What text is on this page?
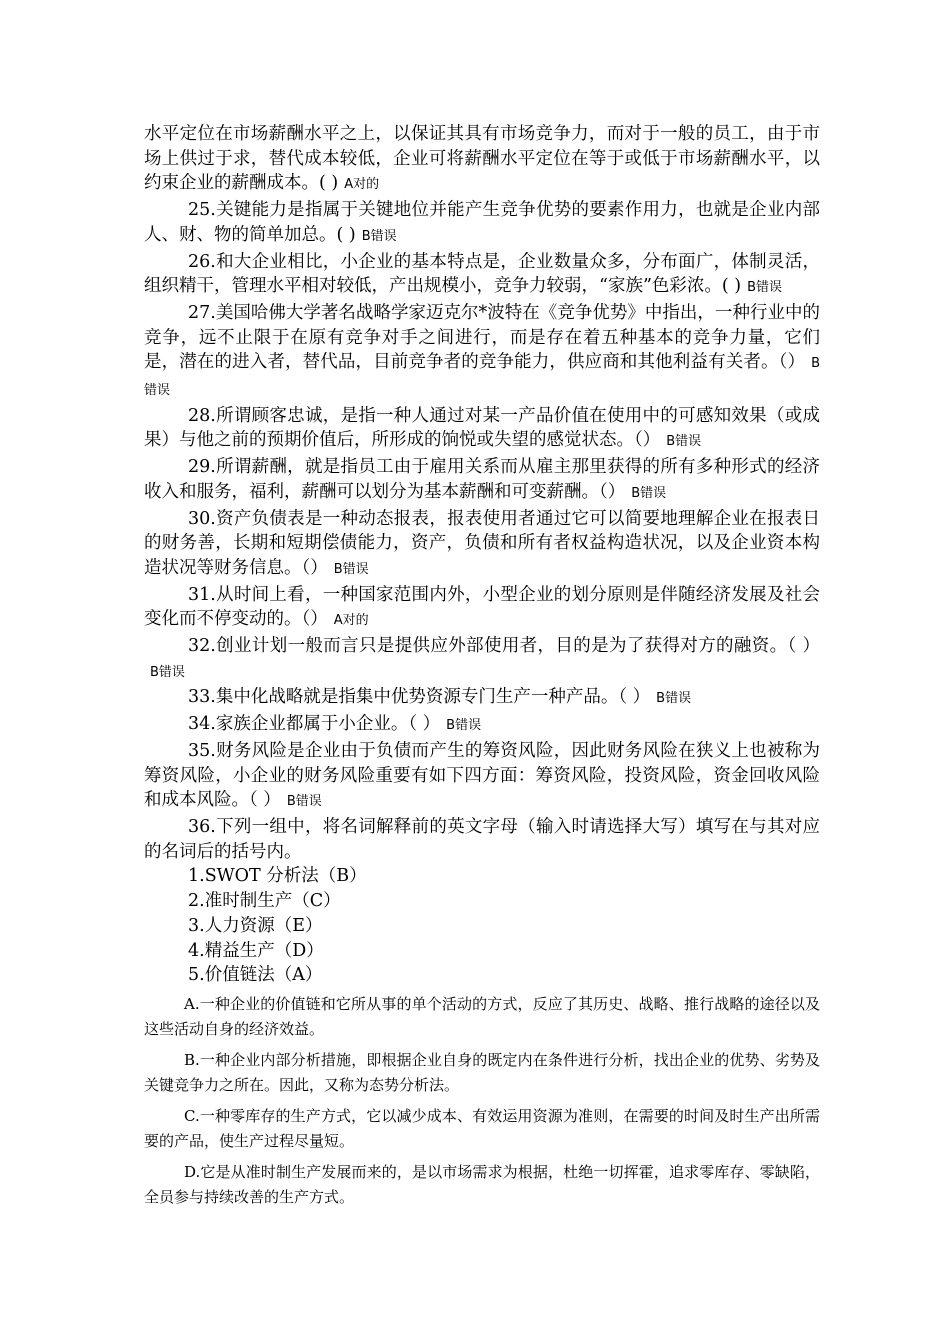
水平定位在市场薪酬水平之上，以保证其具有市场竞争力，而对于一般的员工，由于市场上供过于求，替代成本较低，企业可将薪酬水平定位在等于或低于市场薪酬水平，以约束企业的薪酬成本。( ) A对的

25.关键能力是指属于关键地位并能产生竞争优势的要素作用力，也就是企业内部人、财、物的简单加总。( ) B错误

26.和大企业相比，小企业的基本特点是，企业数量众多，分布面广，体制灵活，组织精干，管理水平相对较低，产出规模小，竞争力较弱，“家族”色彩浓。( ) B错误

27.美国哈佛大学著名战略学家迈克尔*波特在《竞争优势》中指出，一种行业中的竞争，远不止限于在原有竞争对手之间进行，而是存在着五种基本的竞争力量，它们是，潜在的进入者，替代品，目前竞争者的竞争能力，供应商和其他利益有关者。（） B错误

28.所谓顾客忠诚，是指一种人通过对某一产品价值在使用中的可感知效果（或成果）与他之前的预期价值后，所形成的饷悦或失望的感觉状态。（） B错误

29.所谓薪酬，就是指员工由于雇用关系而从雇主那里获得的所有多种形式的经济收入和服务，福利，薪酬可以划分为基本薪酬和可变薪酬。（） B错误

30.资产负债表是一种动态报表，报表使用者通过它可以简要地理解企业在报表日的财务善，长期和短期偿债能力，资产，负债和所有者权益构造状况，以及企业资本构造状况等财务信息。（） B错误

31.从时间上看，一种国家范围内外，小型企业的划分原则是伴随经济发展及社会变化而不停变动的。（） A对的

32.创业计划一般而言只是提供应外部使用者，目的是为了获得对方的融资。（ ）B错误

33.集中化战略就是指集中优势资源专门生产一种产品。（ ） B错误

34.家族企业都属于小企业。（ ） B错误

35.财务风险是企业由于负债而产生的筹资风险，因此财务风险在狭义上也被称为筹资风险，小企业的财务风险重要有如下四方面：筹资风险，投资风险，资金回收风险和成本风险。（ ） B错误

36.下列一组中，将名词解释前的英文字母（输入时请选择大写）填写在与其对应的名词后的括号内。

1.SWOT 分析法（B）

2.准时制生产（C）

3.人力资源（E）

4.精益生产（D）

5.价值链法（A）

A.一种企业的价值链和它所从事的单个活动的方式，反应了其历史、战略、推行战略的途径以及这些活动自身的经济效益。

B.一种企业内部分析措施，即根据企业自身的既定内在条件进行分析，找出企业的优势、劣势及关键竞争力之所在。因此，又称为态势分析法。

C.一种零库存的生产方式，它以减少成本、有效运用资源为准则，在需要的时间及时生产出所需要的产品，使生产过程尽量短。

D.它是从准时制生产发展而来的，是以市场需求为根据，杜绝一切挥霍，追求零库存、零缺陷，全员参与持续改善的生产方式。
